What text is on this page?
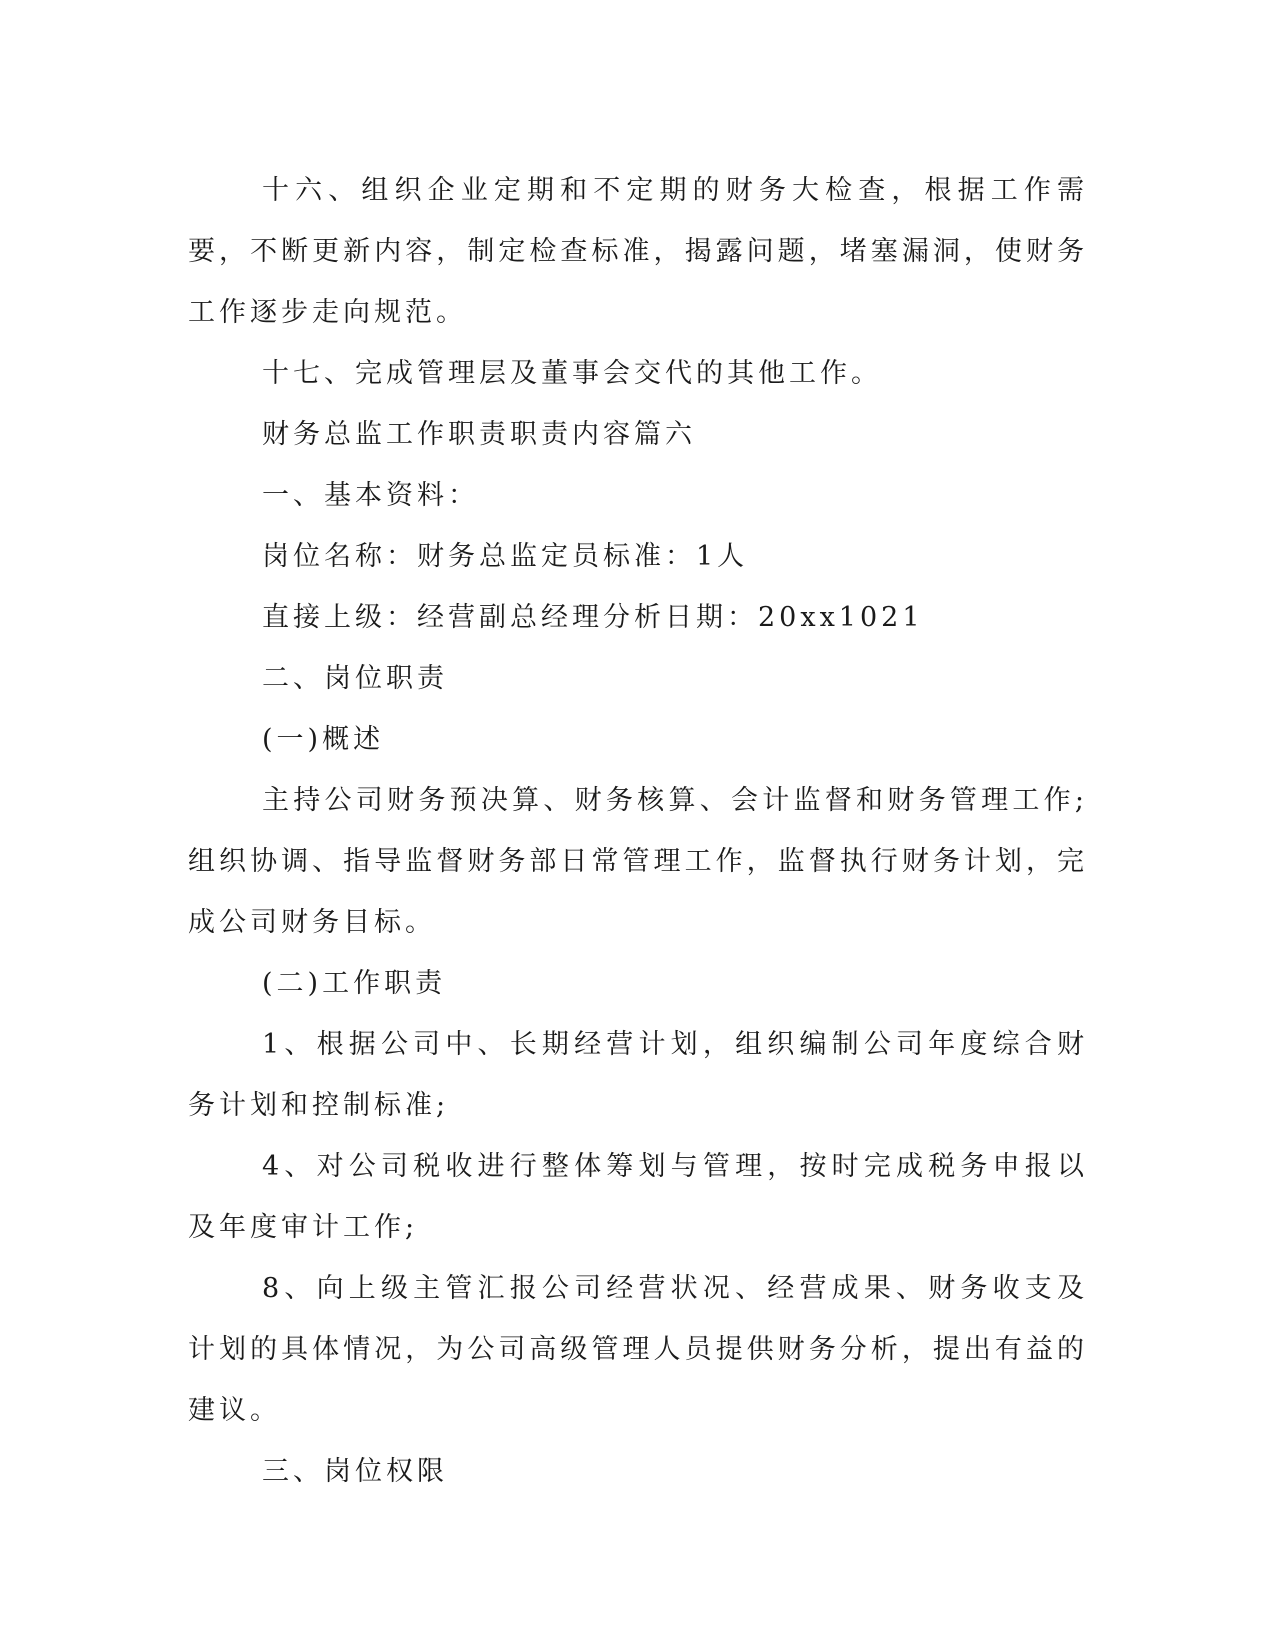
十六、组织企业定期和不定期的财务大检查，根据工作需要，不断更新内容，制定检查标准，揭露问题，堵塞漏洞，使财务工作逐步走向规范。

十七、完成管理层及董事会交代的其他工作。

财务总监工作职责职责内容篇六

一、基本资料：

岗位名称：财务总监定员标准：1人

直接上级：经营副总经理分析日期：20xx1021

二、岗位职责

(一)概述

主持公司财务预决算、财务核算、会计监督和财务管理工作;组织协调、指导监督财务部日常管理工作，监督执行财务计划，完成公司财务目标。

(二)工作职责

1、根据公司中、长期经营计划，组织编制公司年度综合财务计划和控制标准;

4、对公司税收进行整体筹划与管理，按时完成税务申报以及年度审计工作;

8、向上级主管汇报公司经营状况、经营成果、财务收支及计划的具体情况，为公司高级管理人员提供财务分析，提出有益的建议。

三、岗位权限
